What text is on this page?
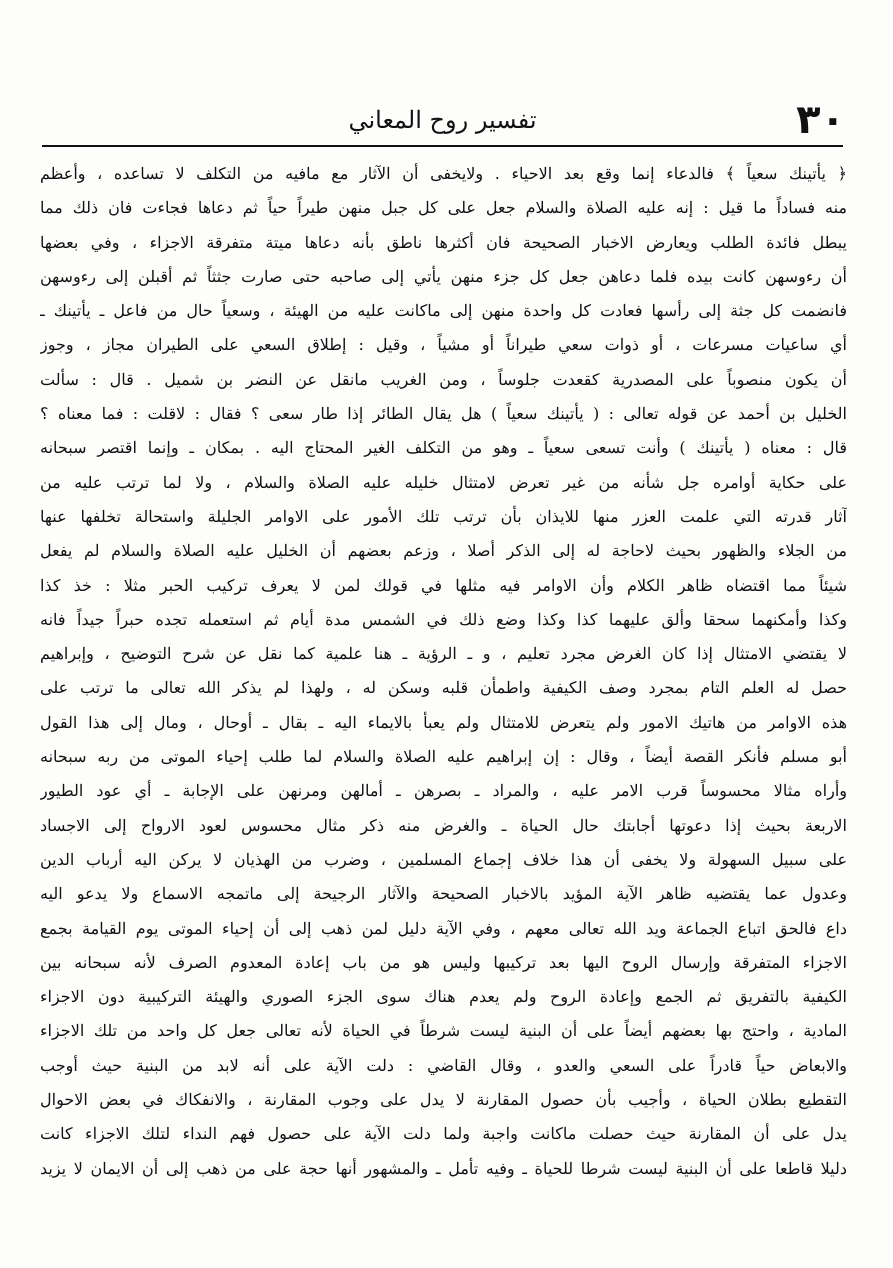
٣٠
تفسير روح المعاني
﴿ يأتينك سعياً ﴾ فالدعاء إنما وقع بعد الاحياء . ولايخفى أن الآثار مع مافيه من التكلف لا تساعده ، وأعظم
منه فساداً ما قيل : إنه عليه الصلاة والسلام جعل على كل جبل منهن طيراً حياً ثم دعاها فجاءت فان ذلك مما
يبطل فائدة الطلب ويعارض الاخبار الصحيحة فان أكثرها ناطق بأنه دعاها ميتة متفرقة الاجزاء ، وفي بعضها
أن رءوسهن كانت بيده فلما دعاهن جعل كل جزء منهن يأتي إلى صاحبه حتى صارت جثثاً ثم أقبلن إلى رءوسهن
فانضمت كل جثة إلى رأسها فعادت كل واحدة منهن إلى ماكانت عليه من الهيئة ، وسعياً حال من فاعل ـ يأتينك ـ
أي ساعيات مسرعات ، أو ذوات سعي طيراناً أو مشياً ، وقيل : إطلاق السعي على الطيران مجاز ، وجوز
أن يكون منصوباً على المصدرية كقعدت جلوساً ، ومن الغريب مانقل عن النضر بن شميل . قال : سألت
الخليل بن أحمد عن قوله تعالى : ( يأتينك سعياً ) هل يقال الطائر إذا طار سعى ؟ فقال : لاقلت : فما معناه ؟
قال : معناه ( يأتينك ) وأنت تسعى سعياً ـ وهو من التكلف الغير المحتاج اليه . بمكان ـ وإنما اقتصر سبحانه
على حكاية أوامره جل شأنه من غير تعرض لامتثال خليله عليه الصلاة والسلام ، ولا لما ترتب عليه من
آثار قدرته التي علمت العزر منها للايذان بأن ترتب تلك الأمور على الاوامر الجليلة واستحالة تخلفها عنها
من الجلاء والظهور بحيث لاحاجة له إلى الذكر أصلا ، وزعم بعضهم أن الخليل عليه الصلاة والسلام لم يفعل
شيئاً مما اقتضاه ظاهر الكلام وأن الاوامر فيه مثلها في قولك لمن لا يعرف تركيب الحبر مثلا : خذ كذا
وكذا وأمكنهما سحقا وألق عليهما كذا وكذا وضع ذلك في الشمس مدة أيام ثم استعمله تجده حبراً جيداً فانه
لا يقتضي الامتثال إذا كان الغرض مجرد تعليم ، و ـ الرؤية ـ هنا علمية كما نقل عن شرح التوضيح ، وإبراهيم
حصل له العلم التام بمجرد وصف الكيفية واطمأن قلبه وسكن له ، ولهذا لم يذكر الله تعالى ما ترتب على
هذه الاوامر من هاتيك الامور ولم يتعرض للامتثال ولم يعبأ بالايماء اليه ـ بقال ـ أوحال ، ومال إلى هذا القول
أبو مسلم فأنكر القصة أيضاً ، وقال : إن إبراهيم عليه الصلاة والسلام لما طلب إحياء الموتى من ربه سبحانه
وأراه مثالا محسوساً قرب الامر عليه ، والمراد ـ بصرهن ـ أمالهن ومرنهن على الإجابة ـ أي عود الطيور
الاربعة بحيث إذا دعوتها أجابتك حال الحياة ـ والغرض منه ذكر مثال محسوس لعود الارواح إلى الاجساد
على سبيل السهولة ولا يخفى أن هذا خلاف إجماع المسلمين ، وضرب من الهذيان لا يركن اليه أرباب الدين
وعدول عما يقتضيه ظاهر الآية المؤيد بالاخبار الصحيحة والآثار الرجيحة إلى ماتمجه الاسماع ولا يدعو اليه
داع فالحق اتباع الجماعة ويد الله تعالى معهم ، وفي الآية دليل لمن ذهب إلى أن إحياء الموتى يوم القيامة بجمع
الاجزاء المتفرقة وإرسال الروح اليها بعد تركيبها وليس هو من باب إعادة المعدوم الصرف لأنه سبحانه بين
الكيفية بالتفريق ثم الجمع وإعادة الروح ولم يعدم هناك سوى الجزء الصوري والهيئة التركيبية دون الاجزاء
المادية ، واحتج بها بعضهم أيضاً على أن البنية ليست شرطاً في الحياة لأنه تعالى جعل كل واحد من تلك الاجزاء
والابعاض حياً قادراً على السعي والعدو ، وقال القاضي : دلت الآية على أنه لابد من البنية حيث أوجب
التقطيع بطلان الحياة ، وأجيب بأن حصول المقارنة لا يدل على وجوب المقارنة ، والانفكاك في بعض الاحوال
يدل على أن المقارنة حيث حصلت ماكانت واجبة ولما دلت الآية على حصول فهم النداء لتلك الاجزاء كانت
دليلا قاطعا على أن البنية ليست شرطا للحياة ـ وفيه تأمل ـ والمشهور أنها حجة على من ذهب إلى أن الايمان لا يزيد
